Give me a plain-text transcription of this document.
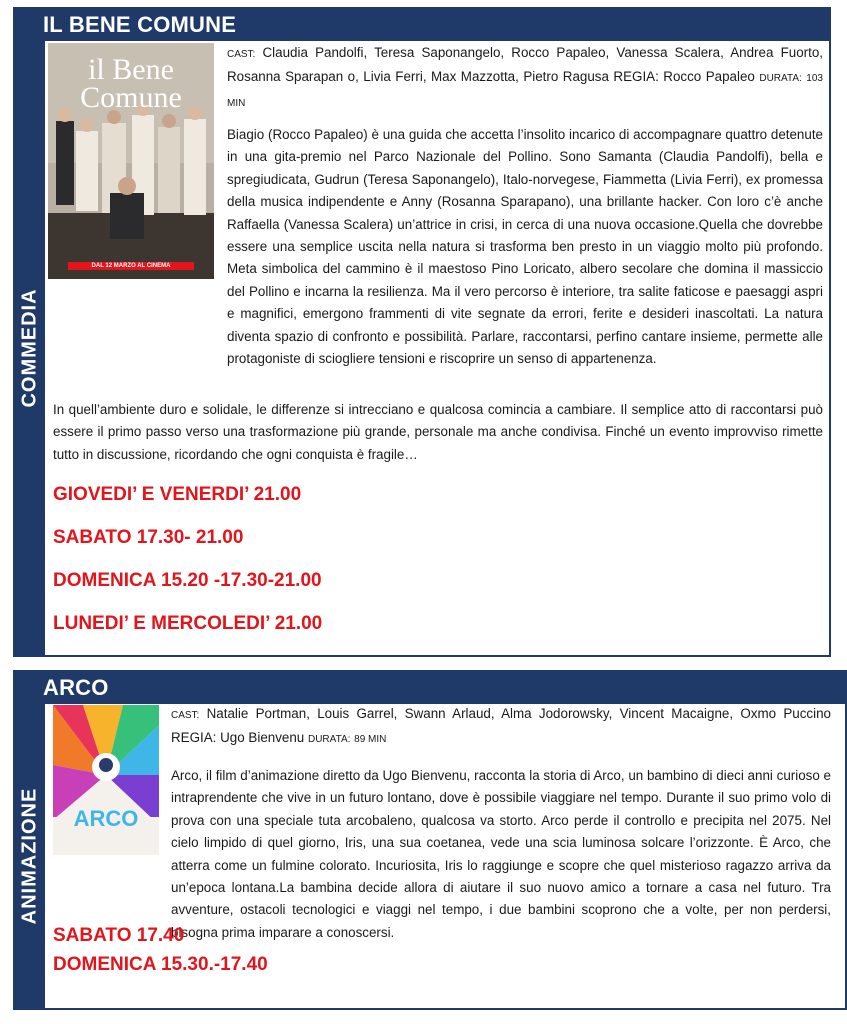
IL BENE COMUNE
COMMEDIA
il Bene
Comune
DAL 12 MARZO AL CINEMA

CAST: Claudia Pandolfi, Teresa Saponangelo, Rocco Papaleo, Vanessa Scalera, Andrea Fuorto, Rosanna Sparapan o, Livia Ferri, Max Mazzotta, Pietro Ragusa REGIA: Rocco Papaleo DURATA: 103 MIN

Biagio (Rocco Papaleo) è una guida che accetta l’insolito incarico di accompagnare quattro detenute in una gita-premio nel Parco Nazionale del Pollino. Sono Samanta (Claudia Pandolfi), bella e spregiudicata, Gudrun (Teresa Saponangelo), Italo-norvegese, Fiammetta (Livia Ferri), ex promessa della musica indipendente e Anny (Rosanna Sparapano), una brillante hacker. Con loro c’è anche Raffaella (Vanessa Scalera) un’attrice in crisi, in cerca di una nuova occasione.Quella che dovrebbe essere una semplice uscita nella natura si trasforma ben presto in un viaggio molto più profondo. Meta simbolica del cammino è il maestoso Pino Loricato, albero secolare che domina il massiccio del Pollino e incarna la resilienza. Ma il vero percorso è interiore, tra salite faticose e paesaggi aspri e magnifici, emergono frammenti di vite segnate da errori, ferite e desideri inascoltati. La natura diventa spazio di confronto e possibilità. Parlare, raccontarsi, perfino cantare insieme, permette alle protagoniste di sciogliere tensioni e riscoprire un senso di appartenenza.
In quell’ambiente duro e solidale, le differenze si intrecciano e qualcosa comincia a cambiare. Il semplice atto di raccontarsi può essere il primo passo verso una trasformazione più grande, personale ma anche condivisa. Finché un evento improvviso rimette tutto in discussione, ricordando che ogni conquista è fragile…
GIOVEDI’ E VENERDI’ 21.00
SABATO 17.30- 21.00
DOMENICA 15.20 -17.30-21.00
LUNEDI’ E MERCOLEDI’ 21.00
ARCO
ANIMAZIONE	ARCO

CAST: Natalie Portman, Louis Garrel, Swann Arlaud, Alma Jodorowsky, Vincent Macaigne, Oxmo Puccino REGIA: Ugo Bienvenu DURATA: 89 MIN

Arco, il film d’animazione diretto da Ugo Bienvenu, racconta la storia di Arco, un bambino di dieci anni curioso e intraprendente che vive in un futuro lontano, dove è possibile viaggiare nel tempo. Durante il suo primo volo di prova con una speciale tuta arcobaleno, qualcosa va storto. Arco perde il controllo e precipita nel 2075. Nel cielo limpido di quel giorno, Iris, una sua coetanea, vede una scia luminosa solcare l’orizzonte. È Arco, che atterra come un fulmine colorato. Incuriosita, Iris lo raggiunge e scopre che quel misterioso ragazzo arriva da un’epoca lontana.La bambina decide allora di aiutare il suo nuovo amico a tornare a casa nel futuro. Tra avventure, ostacoli tecnologici e viaggi nel tempo, i due bambini scoprono che a volte, per non perdersi, bisogna prima imparare a conoscersi.
SABATO 17.40
DOMENICA 15.30.-17.40
